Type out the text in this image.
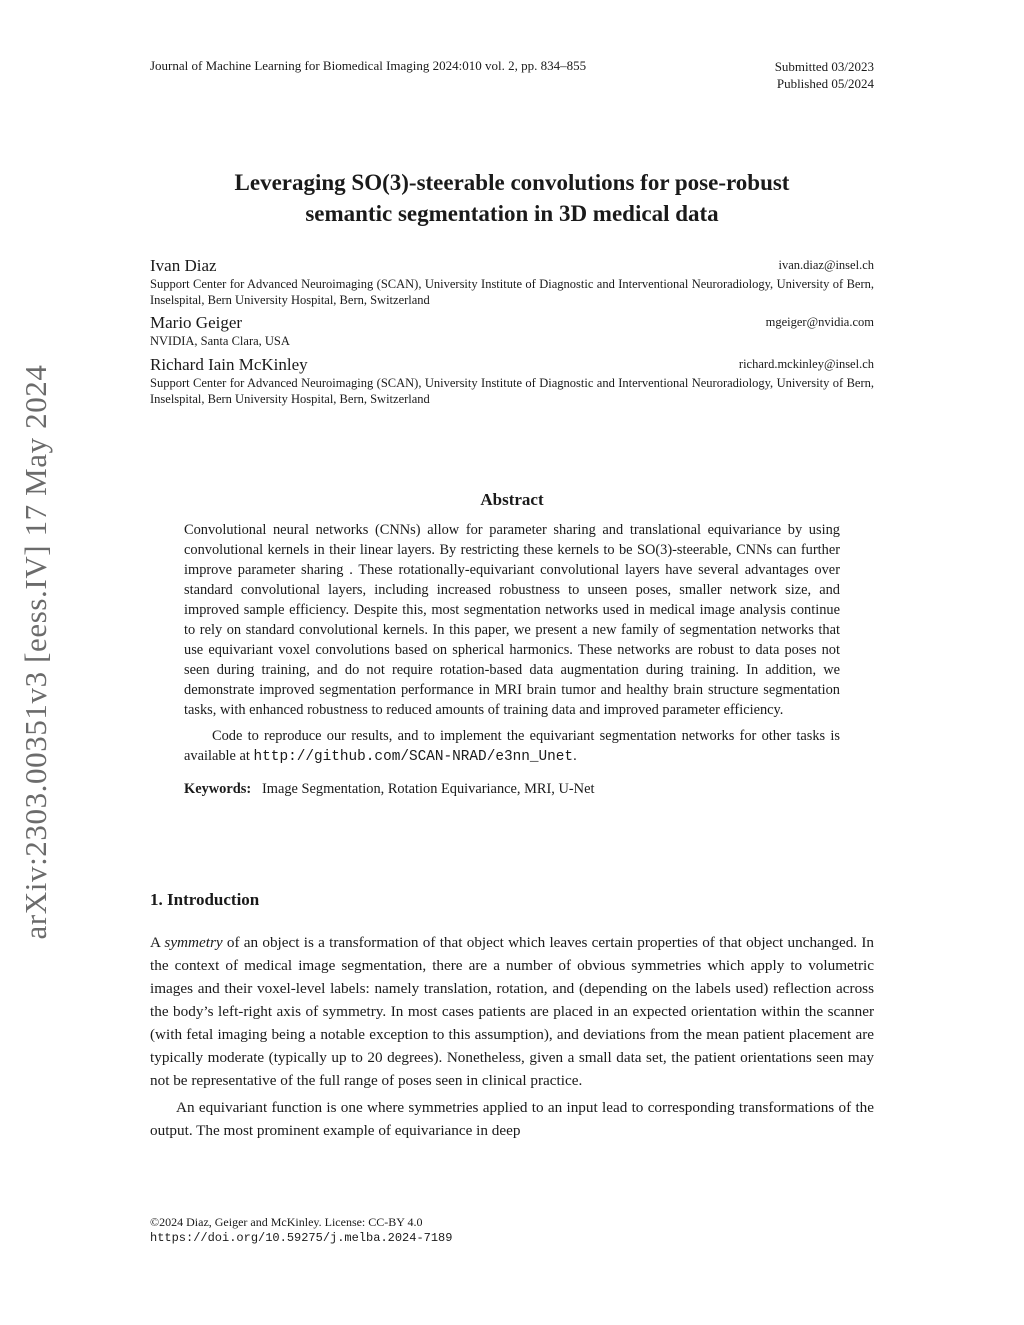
Journal of Machine Learning for Biomedical Imaging 2024:010 vol. 2, pp. 834–855	Submitted 03/2023
Published 05/2024
arXiv:2303.00351v3 [eess.IV] 17 May 2024
Leveraging SO(3)-steerable convolutions for pose-robust
semantic segmentation in 3D medical data
Ivan Diaz	ivan.diaz@insel.ch
Support Center for Advanced Neuroimaging (SCAN), University Institute of Diagnostic and Interventional Neuroradiology, University of Bern, Inselspital, Bern University Hospital, Bern, Switzerland
Mario Geiger	mgeiger@nvidia.com
NVIDIA, Santa Clara, USA
Richard Iain McKinley	richard.mckinley@insel.ch
Support Center for Advanced Neuroimaging (SCAN), University Institute of Diagnostic and Interventional Neuroradiology, University of Bern, Inselspital, Bern University Hospital, Bern, Switzerland
Abstract
Convolutional neural networks (CNNs) allow for parameter sharing and translational equivariance by using convolutional kernels in their linear layers. By restricting these kernels to be SO(3)-steerable, CNNs can further improve parameter sharing . These rotationally-equivariant convolutional layers have several advantages over standard convolutional layers, including increased robustness to unseen poses, smaller network size, and improved sample efficiency. Despite this, most segmentation networks used in medical image analysis continue to rely on standard convolutional kernels. In this paper, we present a new family of segmentation networks that use equivariant voxel convolutions based on spherical harmonics. These networks are robust to data poses not seen during training, and do not require rotation-based data augmentation during training. In addition, we demonstrate improved segmentation performance in MRI brain tumor and healthy brain structure segmentation tasks, with enhanced robustness to reduced amounts of training data and improved parameter efficiency.
Code to reproduce our results, and to implement the equivariant segmentation networks for other tasks is available at http://github.com/SCAN-NRAD/e3nn_Unet.
Keywords: Image Segmentation, Rotation Equivariance, MRI, U-Net
1. Introduction

A symmetry of an object is a transformation of that object which leaves certain properties of that object unchanged. In the context of medical image segmentation, there are a number of obvious symmetries which apply to volumetric images and their voxel-level labels: namely translation, rotation, and (depending on the labels used) reflection across the body’s left-right axis of symmetry. In most cases patients are placed in an expected orientation within the scanner (with fetal imaging being a notable exception to this assumption), and deviations from the mean patient placement are typically moderate (typically up to 20 degrees). Nonetheless, given a small data set, the patient orientations seen may not be representative of the full range of poses seen in clinical practice.

An equivariant function is one where symmetries applied to an input lead to corresponding transformations of the output. The most prominent example of equivariance in deep

©2024 Diaz, Geiger and McKinley. License: CC-BY 4.0
https://doi.org/10.59275/j.melba.2024-7189
